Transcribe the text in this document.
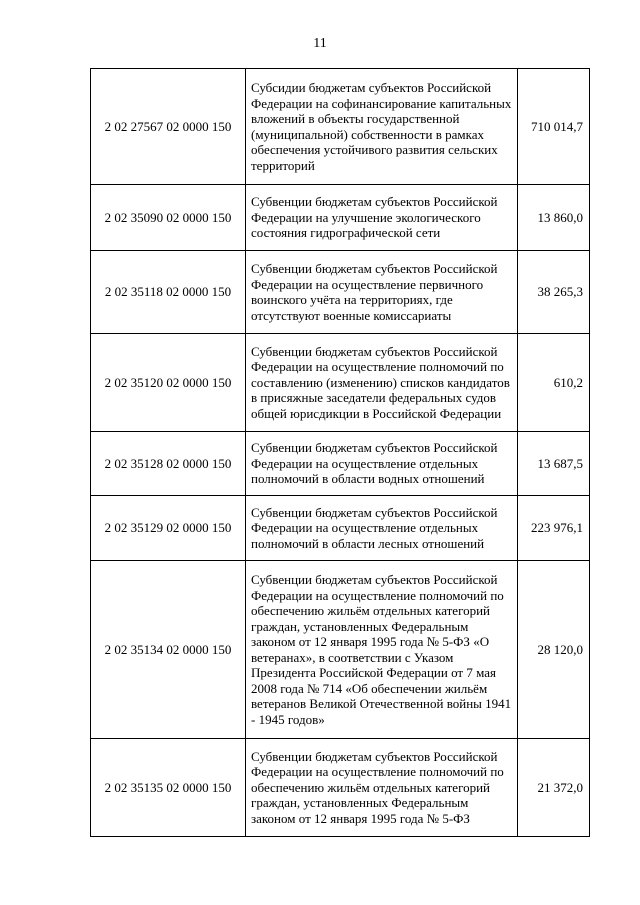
11
2 02 27567 02 0000 150	Субсидии бюджетам субъектов Российской Федерации на софинансирование капитальных вложений в объекты государственной (муниципальной) собственности в рамках обеспечения устойчивого развития сельских территорий	710 014,7
2 02 35090 02 0000 150	Субвенции бюджетам субъектов Российской Федерации на улучшение экологического состояния гидрографической сети	13 860,0
2 02 35118 02 0000 150	Субвенции бюджетам субъектов Российской Федерации на осуществление первичного воинского учёта на территориях, где отсутствуют военные комиссариаты	38 265,3
2 02 35120 02 0000 150	Субвенции бюджетам субъектов Российской Федерации на осуществление полномочий по составлению (изменению) списков кандидатов в присяжные заседатели федеральных судов общей юрисдикции в Российской Федерации	610,2
2 02 35128 02 0000 150	Субвенции бюджетам субъектов Российской Федерации на осуществление отдельных полномочий в области водных отношений	13 687,5
2 02 35129 02 0000 150	Субвенции бюджетам субъектов Российской Федерации на осуществление отдельных полномочий в области лесных отношений	223 976,1
2 02 35134 02 0000 150	Субвенции бюджетам субъектов Российской Федерации на осуществление полномочий по обеспечению жильём отдельных категорий граждан, установленных Федеральным законом от 12 января 1995 года № 5-ФЗ «О ветеранах», в соответствии с Указом Президента Российской Федерации от 7 мая 2008 года № 714 «Об обеспечении жильём ветеранов Великой Отечественной войны 1941 - 1945 годов»	28 120,0
2 02 35135 02 0000 150	Субвенции бюджетам субъектов Российской Федерации на осуществление полномочий по обеспечению жильём отдельных категорий граждан, установленных Федеральным законом от 12 января 1995 года № 5-ФЗ	21 372,0
